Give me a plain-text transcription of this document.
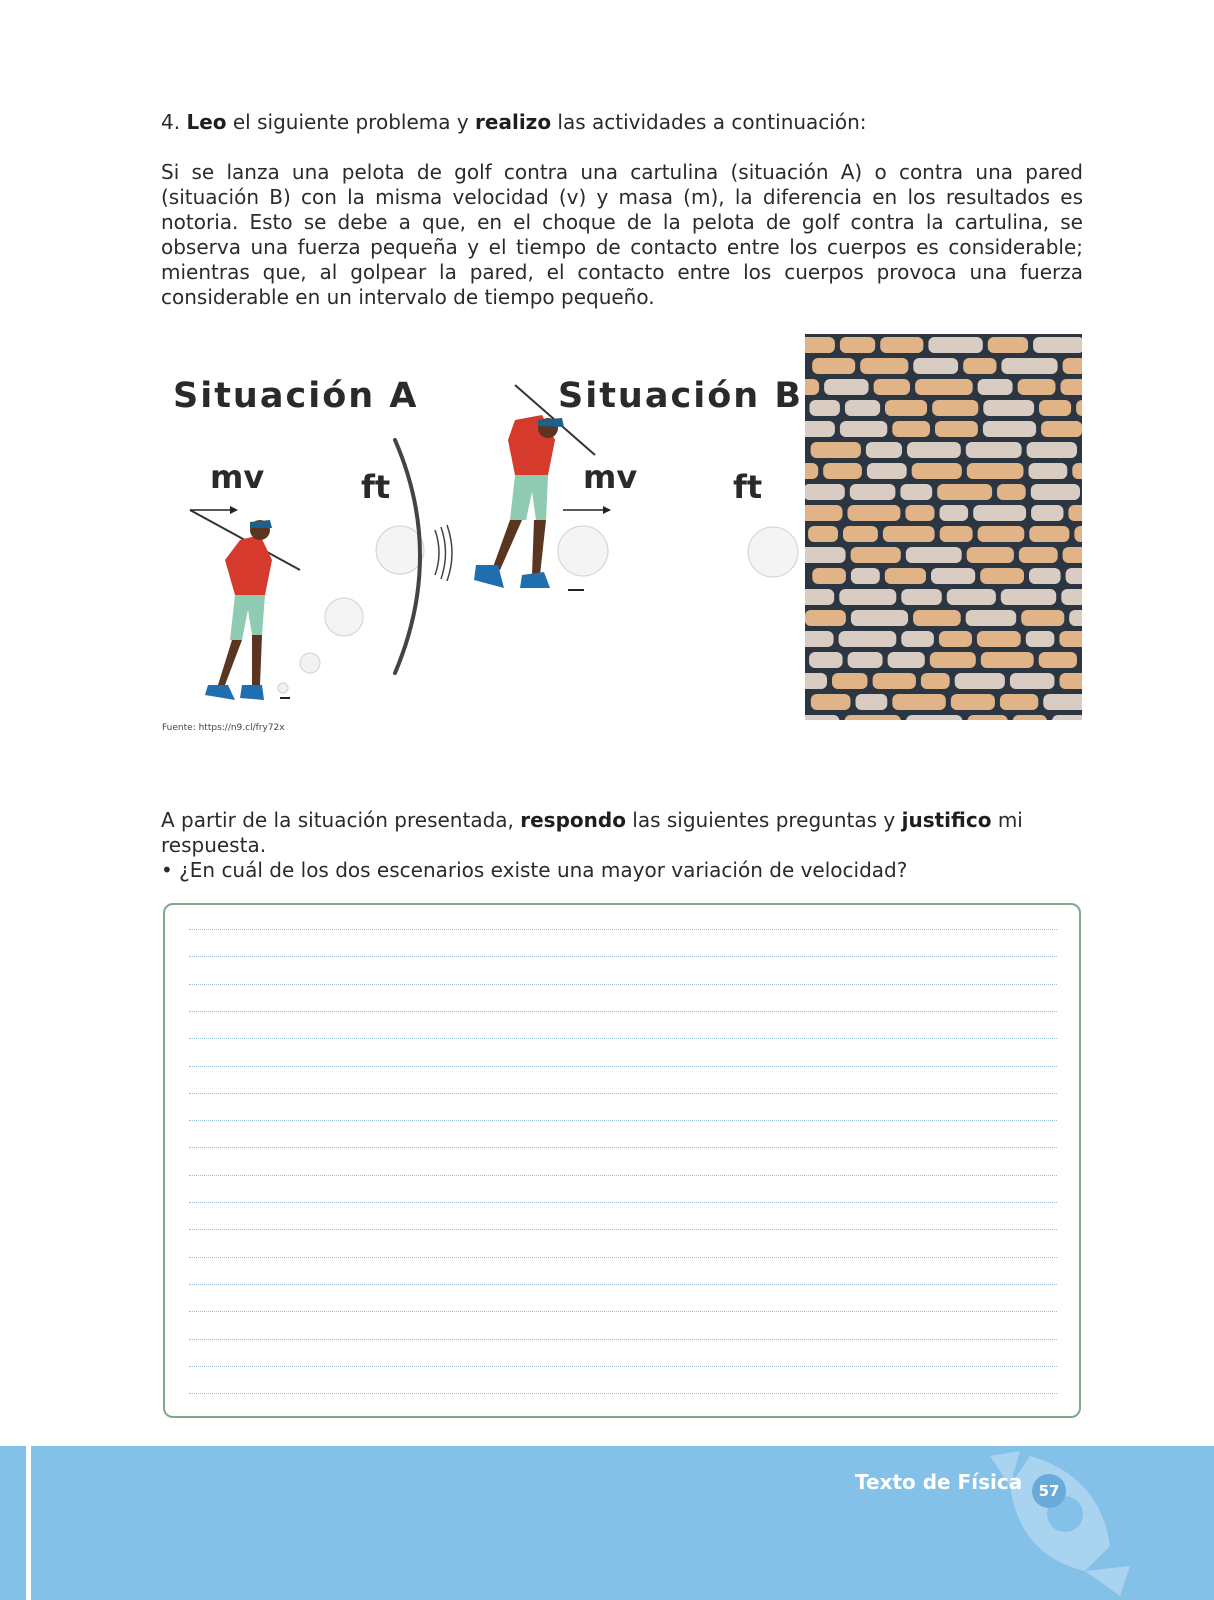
4. Leo el siguiente problema y realizo las actividades a continuación:
Si se lanza una pelota de golf contra una cartulina (situación A) o contra una pared (situación B) con la misma velocidad (v) y masa (m), la diferencia en los resultados es notoria. Esto se debe a que, en el choque de la pelota de golf contra la cartulina, se observa una fuerza pequeña y el tiempo de contacto entre los cuerpos es considerable; mientras que, al golpear la pared, el contacto entre los cuerpos provoca una fuerza considerable en un intervalo de tiempo pequeño.
Situación A
mv	ft
Situación B
mv	ft
Fuente: https://n9.cl/fry72x
A partir de la situación presentada, respondo las siguientes preguntas y justifico mi respuesta.
• ¿En cuál de los dos escenarios existe una mayor variación de velocidad?
Texto de Física	57
